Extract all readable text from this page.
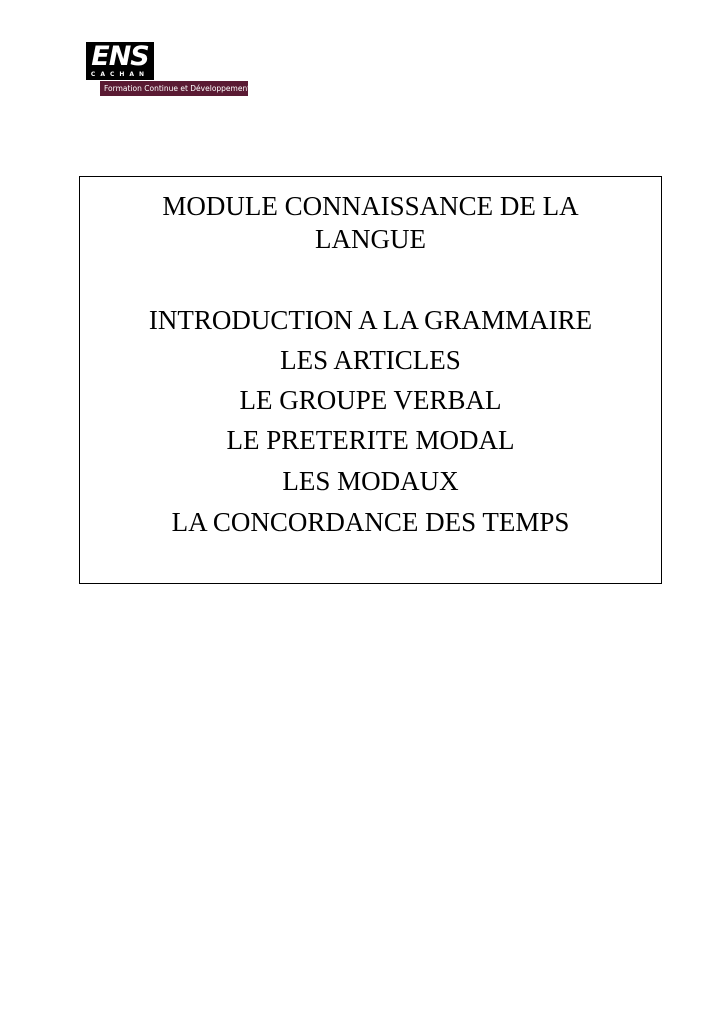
ENS
CACHAN
Formation Continue et Développement
MODULE CONNAISSANCE DE LA
LANGUE
INTRODUCTION A LA GRAMMAIRE
LES ARTICLES
LE GROUPE VERBAL
LE PRETERITE MODAL
LES MODAUX
LA CONCORDANCE DES TEMPS
